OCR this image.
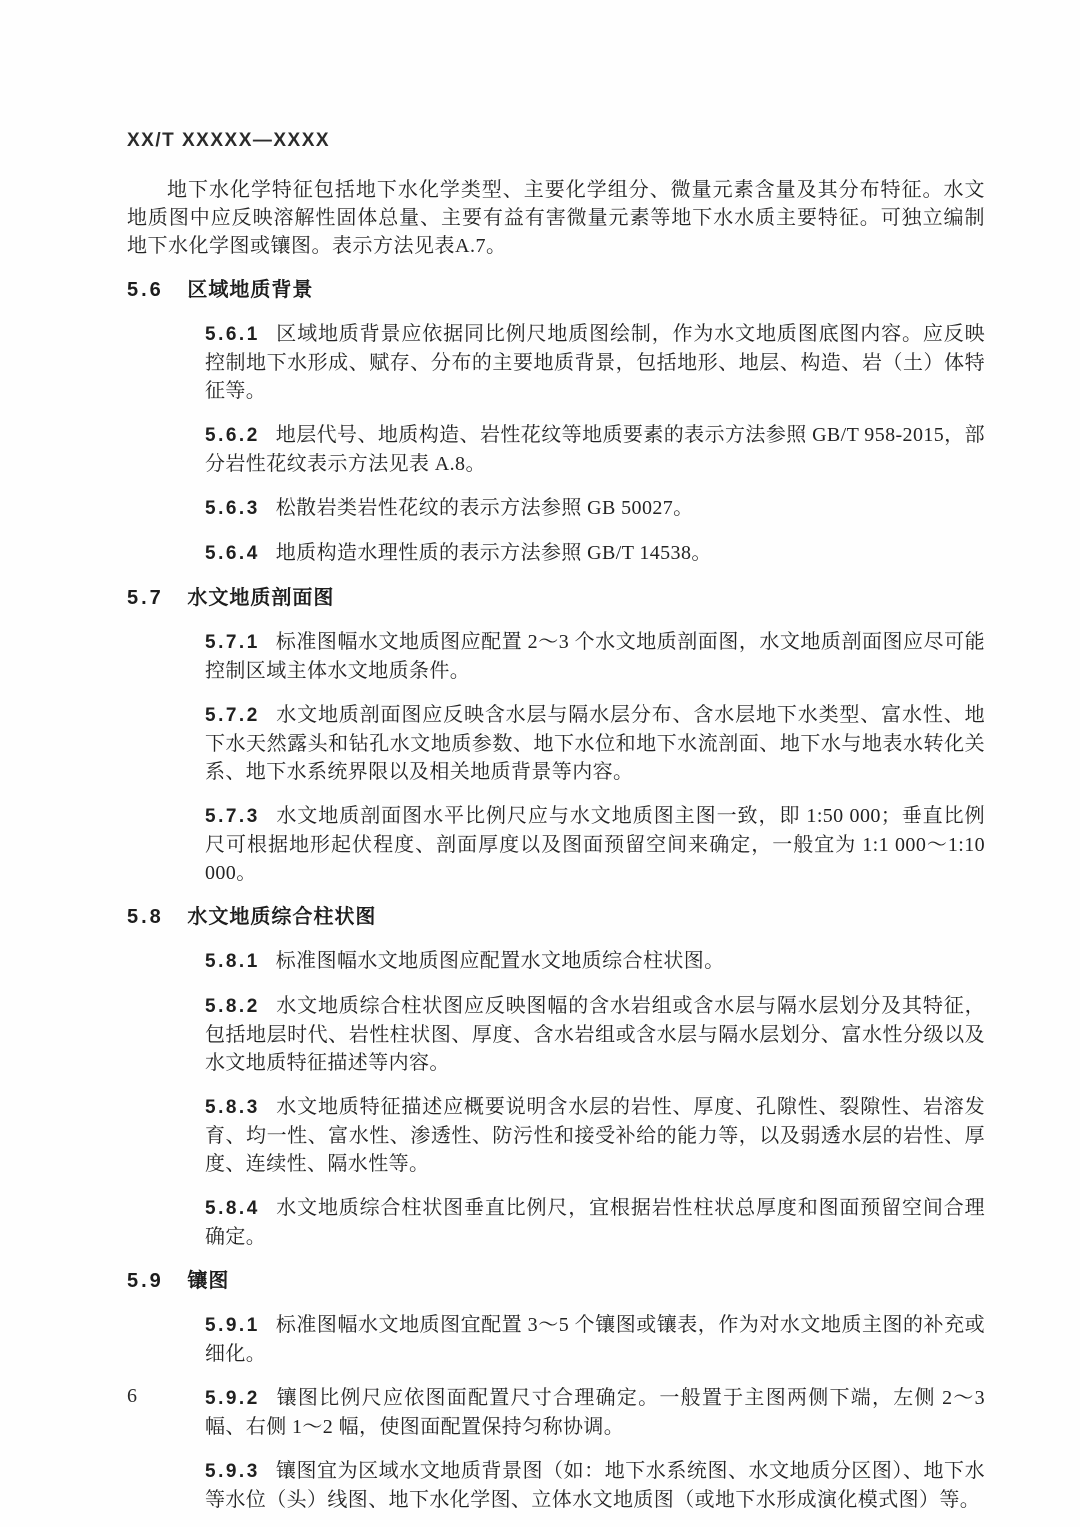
XX/T XXXXX—XXXX

地下水化学特征包括地下水化学类型、主要化学组分、微量元素含量及其分布特征。水文地质图中应反映溶解性固体总量、主要有益有害微量元素等地下水水质主要特征。可独立编制地下水化学图或镶图。表示方法见表A.7。

5.6 区域地质背景
5.6.1 区域地质背景应依据同比例尺地质图绘制，作为水文地质图底图内容。应反映控制地下水形成、赋存、分布的主要地质背景，包括地形、地层、构造、岩（土）体特征等。
5.6.2 地层代号、地质构造、岩性花纹等地质要素的表示方法参照 GB/T 958-2015，部分岩性花纹表示方法见表 A.8。
5.6.3 松散岩类岩性花纹的表示方法参照 GB 50027。
5.6.4 地质构造水理性质的表示方法参照 GB/T 14538。
5.7 水文地质剖面图
5.7.1 标准图幅水文地质图应配置 2～3 个水文地质剖面图，水文地质剖面图应尽可能控制区域主体水文地质条件。
5.7.2 水文地质剖面图应反映含水层与隔水层分布、含水层地下水类型、富水性、地下水天然露头和钻孔水文地质参数、地下水位和地下水流剖面、地下水与地表水转化关系、地下水系统界限以及相关地质背景等内容。
5.7.3 水文地质剖面图水平比例尺应与水文地质图主图一致，即 1:50 000；垂直比例尺可根据地形起伏程度、剖面厚度以及图面预留空间来确定，一般宜为 1:1 000～1:10 000。
5.8 水文地质综合柱状图
5.8.1 标准图幅水文地质图应配置水文地质综合柱状图。
5.8.2 水文地质综合柱状图应反映图幅的含水岩组或含水层与隔水层划分及其特征，包括地层时代、岩性柱状图、厚度、含水岩组或含水层与隔水层划分、富水性分级以及水文地质特征描述等内容。
5.8.3 水文地质特征描述应概要说明含水层的岩性、厚度、孔隙性、裂隙性、岩溶发育、均一性、富水性、渗透性、防污性和接受补给的能力等，以及弱透水层的岩性、厚度、连续性、隔水性等。
5.8.4 水文地质综合柱状图垂直比例尺，宜根据岩性柱状总厚度和图面预留空间合理确定。
5.9 镶图
5.9.1 标准图幅水文地质图宜配置 3～5 个镶图或镶表，作为对水文地质主图的补充或细化。
5.9.2 镶图比例尺应依图面配置尺寸合理确定。一般置于主图两侧下端，左侧 2～3 幅、右侧 1～2 幅，使图面配置保持匀称协调。
5.9.3 镶图宜为区域水文地质背景图（如：地下水系统图、水文地质分区图）、地下水等水位（头）线图、地下水化学图、立体水文地质图（或地下水形成演化模式图）等。
6
